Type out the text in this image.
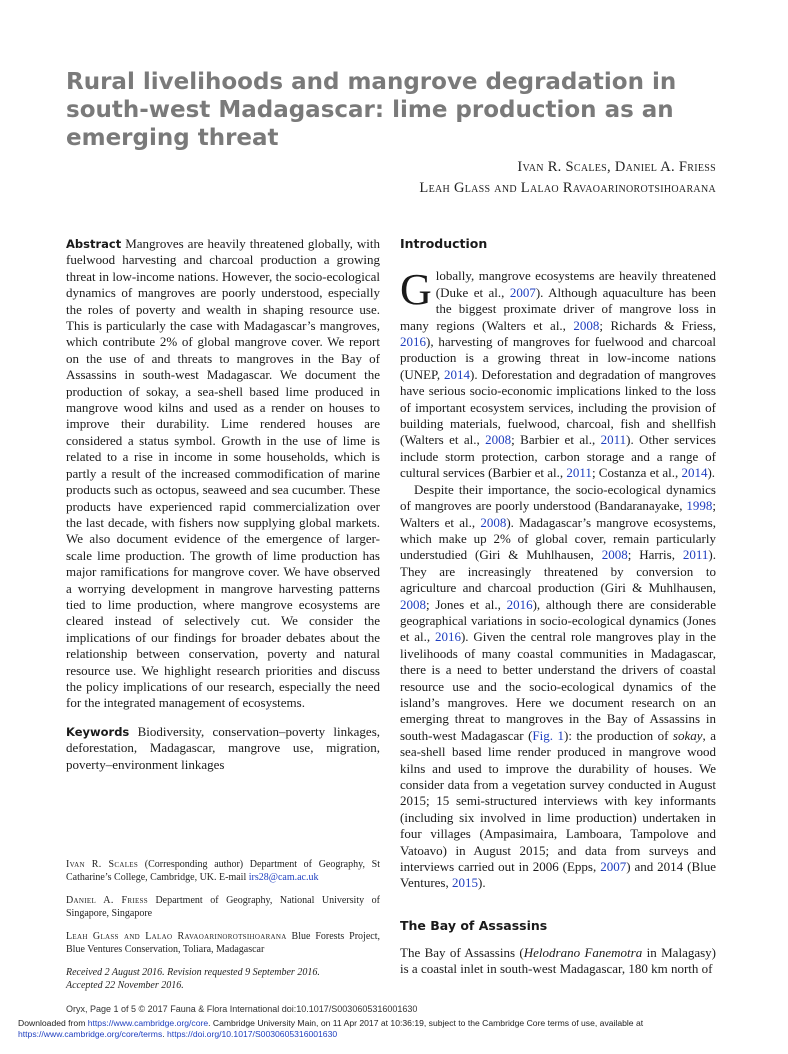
Rural livelihoods and mangrove degradation in
south-west Madagascar: lime production as an
emerging threat
Ivan R. Scales, Daniel A. Friess
Leah Glass and Lalao Ravaoarinorotsihoarana

Abstract Mangroves are heavily threatened globally, with fuelwood harvesting and charcoal production a growing threat in low-income nations. However, the socio-ecological dynamics of mangroves are poorly understood, especially the roles of poverty and wealth in shaping resource use. This is particularly the case with Madagascar’s mangroves, which contribute 2% of global mangrove cover. We report on the use of and threats to mangroves in the Bay of Assassins in south-west Madagascar. We document the production of sokay, a sea-shell based lime produced in mangrove wood kilns and used as a render on houses to improve their durability. Lime rendered houses are considered a status symbol. Growth in the use of lime is related to a rise in income in some households, which is partly a result of the increased commodification of marine products such as octopus, seaweed and sea cucumber. These products have experienced rapid commercialization over the last decade, with fishers now supplying global markets. We also document evidence of the emergence of larger-scale lime production. The growth of lime production has major ramifications for mangrove cover. We have observed a worrying development in mangrove harvesting patterns tied to lime production, where mangrove ecosystems are cleared instead of selectively cut. We consider the implications of our findings for broader debates about the relationship between conservation, poverty and natural resource use. We highlight research priorities and discuss the policy implications of our research, especially the need for the integrated management of ecosystems.

Keywords Biodiversity, conservation–poverty linkages, deforestation, Madagascar, mangrove use, migration, poverty–environment linkages

Ivan R. Scales (Corresponding author) Department of Geography, St Catharine’s College, Cambridge, UK. E-mail irs28@cam.ac.uk

Daniel A. Friess Department of Geography, National University of Singapore, Singapore

Leah Glass and Lalao Ravaoarinorotsihoarana Blue Forests Project, Blue Ventures Conservation, Toliara, Madagascar

Received 2 August 2016. Revision requested 9 September 2016.
Accepted 22 November 2016.

Introduction

Globally, mangrove ecosystems are heavily threatened (Duke et al., 2007). Although aquaculture has been the biggest proximate driver of mangrove loss in many regions (Walters et al., 2008; Richards & Friess, 2016), harvesting of mangroves for fuelwood and charcoal production is a growing threat in low-income nations (UNEP, 2014). Deforestation and degradation of mangroves have serious socio-economic implications linked to the loss of important ecosystem services, including the provision of building materials, fuelwood, charcoal, fish and shellfish (Walters et al., 2008; Barbier et al., 2011). Other services include storm protection, carbon storage and a range of cultural services (Barbier et al., 2011; Costanza et al., 2014).

Despite their importance, the socio-ecological dynamics of mangroves are poorly understood (Bandaranayake, 1998; Walters et al., 2008). Madagascar’s mangrove ecosystems, which make up 2% of global cover, remain particularly understudied (Giri & Muhlhausen, 2008; Harris, 2011). They are increasingly threatened by conversion to agriculture and charcoal production (Giri & Muhlhausen, 2008; Jones et al., 2016), although there are considerable geographical variations in socio-ecological dynamics (Jones et al., 2016). Given the central role mangroves play in the livelihoods of many coastal communities in Madagascar, there is a need to better understand the drivers of coastal resource use and the socio-ecological dynamics of the island’s mangroves. Here we document research on an emerging threat to mangroves in the Bay of Assassins in south-west Madagascar (Fig. 1): the production of sokay, a sea-shell based lime render produced in mangrove wood kilns and used to improve the durability of houses. We consider data from a vegetation survey conducted in August 2015; 15 semi-structured interviews with key informants (including six involved in lime production) undertaken in four villages (Ampasimaira, Lamboara, Tampolove and Vatoavo) in August 2015; and data from surveys and interviews carried out in 2006 (Epps, 2007) and 2014 (Blue Ventures, 2015).

The Bay of Assassins

The Bay of Assassins (Helodrano Fanemotra in Malagasy) is a coastal inlet in south-west Madagascar, 180 km north of

Oryx, Page 1 of 5 © 2017 Fauna & Flora International doi:10.1017/S0030605316001630

Downloaded from https://www.cambridge.org/core. Cambridge University Main, on 11 Apr 2017 at 10:36:19, subject to the Cambridge Core terms of use, available at
https://www.cambridge.org/core/terms. https://doi.org/10.1017/S0030605316001630
